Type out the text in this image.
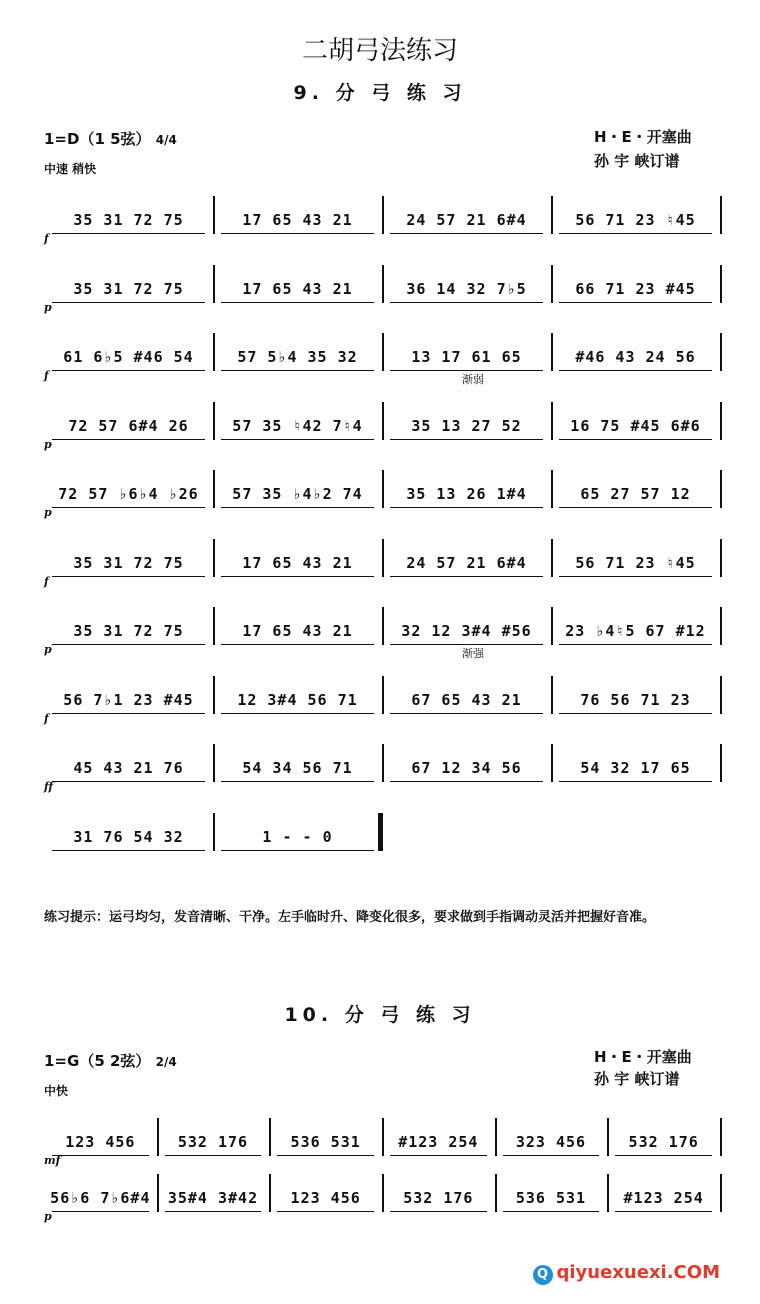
二胡弓法练习
9. 分 弓 练 习
1=D（1 5弦） 4/4
中速 稍快
H・E・开塞曲
孙 宇 峡订谱
35 31 72 75	17 65 43 21	24 57 21 6#4	56 71 23 ♮45
f
35 31 72 75	17 65 43 21	36 14 32 7♭5	66 71 23 #45
p
61 6♭5 #46 54	57 5♭4 35 32	13 17 61 65	#46 43 24 56
f	渐弱
72 57 6#4 26	57 35 ♮42 7♮4	35 13 27 52	16 75 #45 6#6
p
72 57 ♭6♭4 ♭26	57 35 ♭4♭2 74	35 13 26 1#4	65 27 57 12
p
35 31 72 75	17 65 43 21	24 57 21 6#4	56 71 23 ♮45
f
35 31 72 75	17 65 43 21	32 12 3#4 #56	23 ♭4♮5 67 #12
p	渐强
56 7♭1 23 #45	12 3#4 56 71	67 65 43 21	76 56 71 23
f
45 43 21 76	54 34 56 71	67 12 34 56	54 32 17 65
ff
31 76 54 32	1 - - 0
练习提示：运弓均匀，发音清晰、干净。左手临时升、降变化很多，要求做到手指调动灵活并把握好音准。
10. 分 弓 练 习
1=G（5 2弦） 2/4
中快
H・E・开塞曲
孙 宇 峡订谱
123 456	532 176	536 531	#123 254	323 456	532 176
mf
56♭6 7♭6#4	35#4 3#42	123 456	532 176	536 531	#123 254
p
Q qiyuexuexi.COM
